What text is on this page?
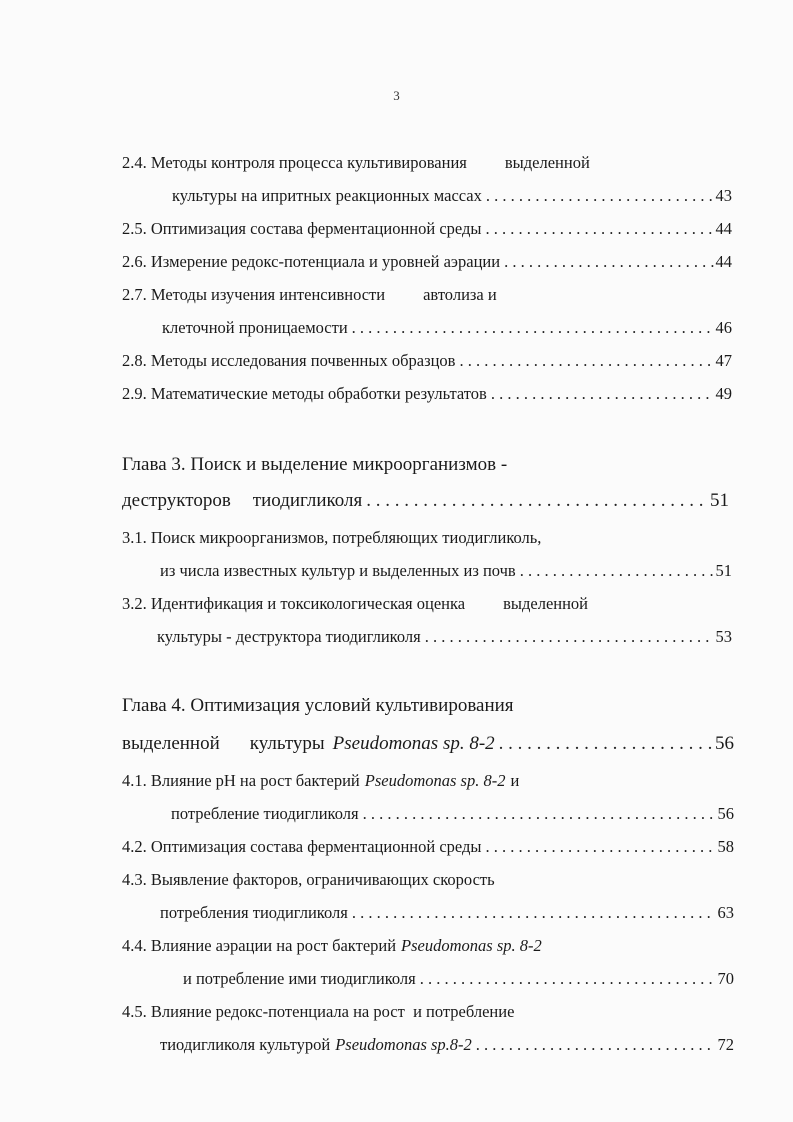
3
2.4. Методы контроля процесса культивирования выделенной
культуры на ипритных реакционных массах . . .	43
2.5. Оптимизация состава ферментационной среды . . .	44
2.6. Измерение редокс-потенциала и уровней аэрации . . .	44
2.7. Методы изучения интенсивности автолиза и
клеточной проницаемости . . .	46
2.8. Методы исследования почвенных образцов . . .	47
2.9. Математические методы обработки результатов . . .	49
Глава 3. Поиск и выделение микроорганизмов -
деструкторов тиодигликоля . . .	51
3.1. Поиск микроорганизмов, потребляющих тиодигликоль,
из числа известных культур и выделенных из почв . . .	51
3.2. Идентификация и токсикологическая оценка выделенной
культуры - деструктора тиодигликоля . . .	53
Глава 4. Оптимизация условий культивирования
выделенной культуры Pseudomonas sp. 8-2 . . .	56
4.1. Влияние pH на рост бактерий Pseudomonas sp. 8-2 и
потребление тиодигликоля . . .	56
4.2. Оптимизация состава ферментационной среды . . .	58
4.3. Выявление факторов, ограничивающих скорость
потребления тиодигликоля . . .	63
4.4. Влияние аэрации на рост бактерий Pseudomonas sp. 8-2
и потребление ими тиодигликоля . . .	70
4.5. Влияние редокс-потенциала на рост  и потребление
тиодигликоля культурой Pseudomonas sp.8-2 . . .	72
